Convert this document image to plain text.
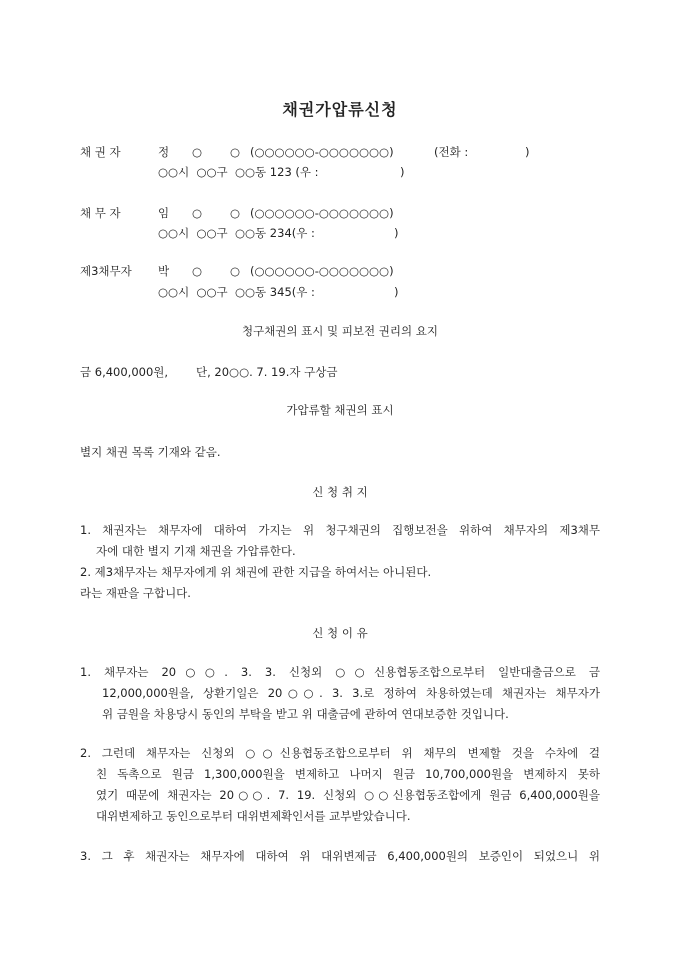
채권가압류신청
채 권 자	정 ○ ○ (○○○○○○-○○○○○○○)	(전화 :	)
○○시  ○○구  ○○동 123 (우 :	)
채 무 자	임 ○ ○ (○○○○○○-○○○○○○○)
○○시  ○○구  ○○동 234(우 :	)
제3채무자 박 ○ ○ (○○○○○○-○○○○○○○)
○○시  ○○구  ○○동 345(우 :	)
청구채권의 표시 및 피보전 권리의 요지
금 6,400,000원, 단, 20○○. 7. 19.자 구상금
가압류할 채권의 표시
별지 채권 목록 기재와 같음.
신 청 취 지
1. 채권자는 채무자에 대하여 가지는 위 청구채권의 집행보전을 위하여 채무자의 제3채무
자에 대한 별지 기재 채권을 가압류한다.
2. 제3채무자는 채무자에게 위 채권에 관한 지급을 하여서는 아니된다.
라는 재판을 구합니다.
신 청 이 유
1. 채무자는 20○○. 3. 3. 신청외 ○○신용협동조합으로부터 일반대출금으로 금
12,000,000원을, 상환기일은 20○○. 3. 3.로 정하여 차용하였는데 채권자는 채무자가
위 금원을 차용당시 동인의 부탁을 받고 위 대출금에 관하여 연대보증한 것입니다.
2. 그런데 채무자는 신청외 ○○신용협동조합으로부터 위 채무의 변제할 것을 수차에 걸
친 독촉으로 원금 1,300,000원을 변제하고 나머지 원금 10,700,000원을 변제하지 못하
였기 때문에 채권자는 20○○. 7. 19. 신청외 ○○신용협동조합에게 원금 6,400,000원을
대위변제하고 동인으로부터 대위변제확인서를 교부받았습니다.
3. 그 후 채권자는 채무자에 대하여 위 대위변제금 6,400,000원의 보증인이 되었으니 위
